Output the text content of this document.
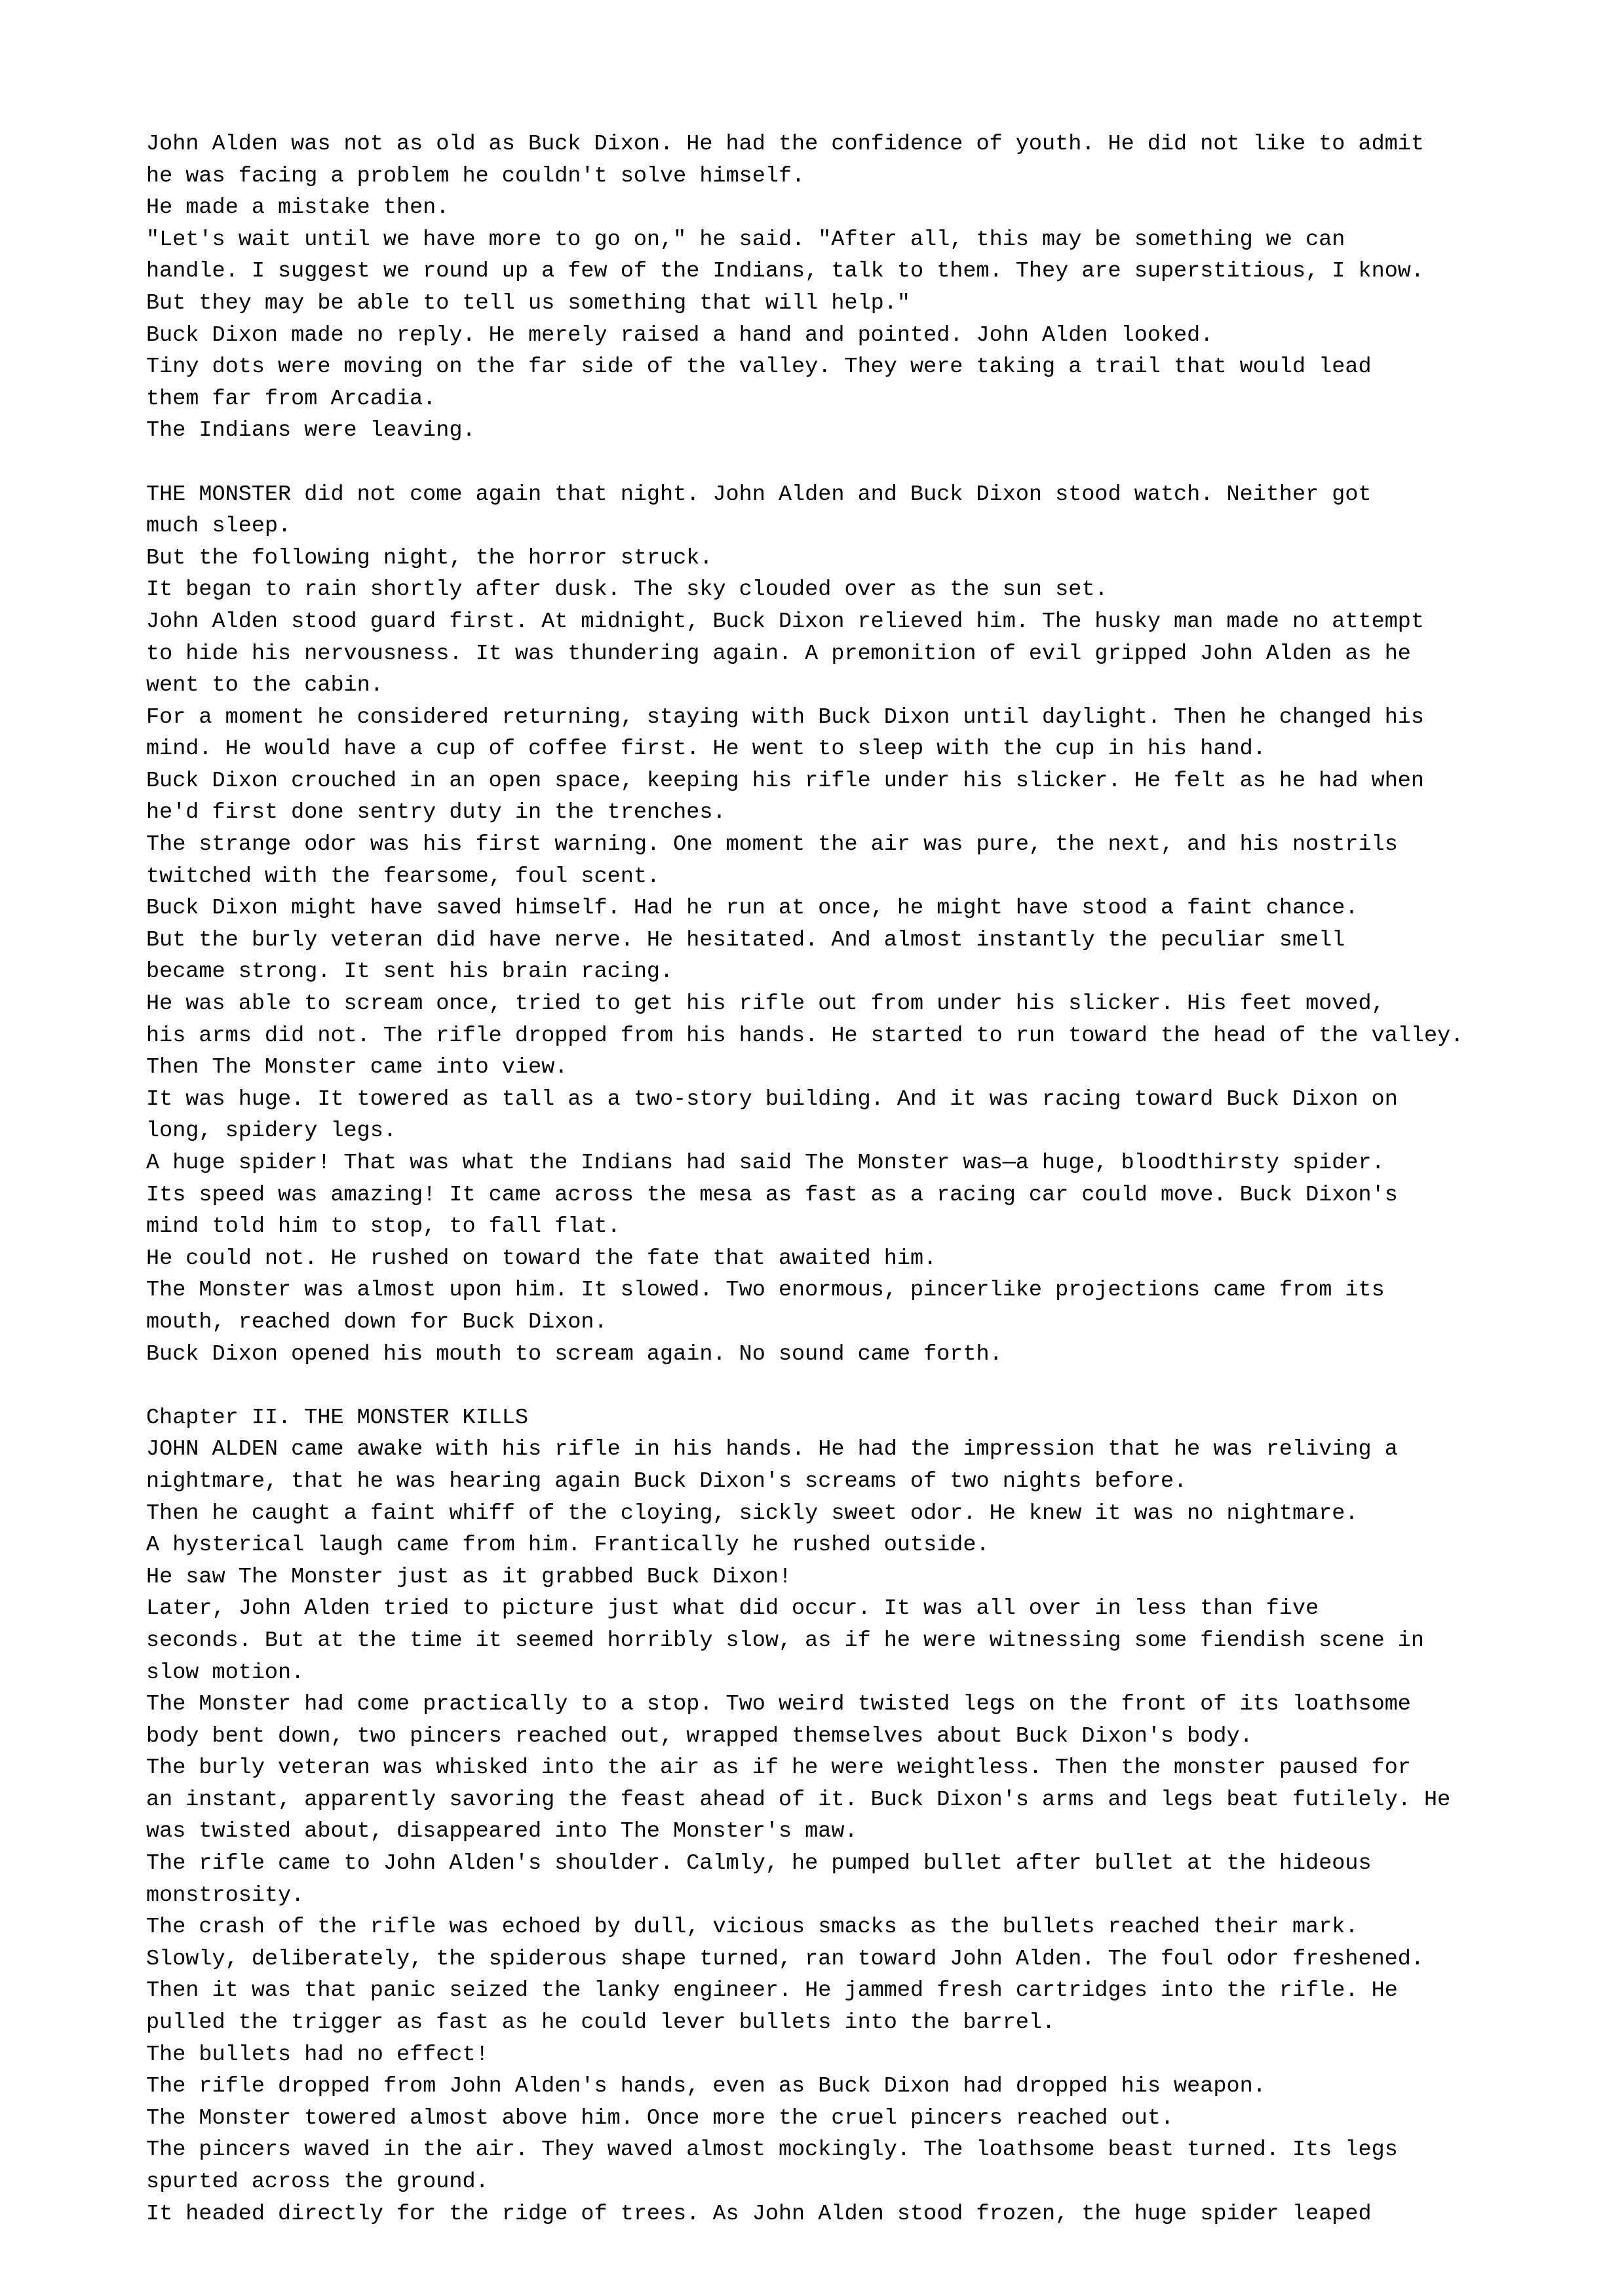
John Alden was not as old as Buck Dixon. He had the confidence of youth. He did not like to admit
he was facing a problem he couldn't solve himself.
He made a mistake then.
"Let's wait until we have more to go on," he said. "After all, this may be something we can
handle. I suggest we round up a few of the Indians, talk to them. They are superstitious, I know.
But they may be able to tell us something that will help."
Buck Dixon made no reply. He merely raised a hand and pointed. John Alden looked.
Tiny dots were moving on the far side of the valley. They were taking a trail that would lead
them far from Arcadia.
The Indians were leaving.

THE MONSTER did not come again that night. John Alden and Buck Dixon stood watch. Neither got
much sleep.
But the following night, the horror struck.
It began to rain shortly after dusk. The sky clouded over as the sun set.
John Alden stood guard first. At midnight, Buck Dixon relieved him. The husky man made no attempt
to hide his nervousness. It was thundering again. A premonition of evil gripped John Alden as he
went to the cabin.
For a moment he considered returning, staying with Buck Dixon until daylight. Then he changed his
mind. He would have a cup of coffee first. He went to sleep with the cup in his hand.
Buck Dixon crouched in an open space, keeping his rifle under his slicker. He felt as he had when
he'd first done sentry duty in the trenches.
The strange odor was his first warning. One moment the air was pure, the next, and his nostrils
twitched with the fearsome, foul scent.
Buck Dixon might have saved himself. Had he run at once, he might have stood a faint chance.
But the burly veteran did have nerve. He hesitated. And almost instantly the peculiar smell
became strong. It sent his brain racing.
He was able to scream once, tried to get his rifle out from under his slicker. His feet moved,
his arms did not. The rifle dropped from his hands. He started to run toward the head of the valley.
Then The Monster came into view.
It was huge. It towered as tall as a two-story building. And it was racing toward Buck Dixon on
long, spidery legs.
A huge spider! That was what the Indians had said The Monster was—a huge, bloodthirsty spider.
Its speed was amazing! It came across the mesa as fast as a racing car could move. Buck Dixon's
mind told him to stop, to fall flat.
He could not. He rushed on toward the fate that awaited him.
The Monster was almost upon him. It slowed. Two enormous, pincerlike projections came from its
mouth, reached down for Buck Dixon.
Buck Dixon opened his mouth to scream again. No sound came forth.

Chapter II. THE MONSTER KILLS
JOHN ALDEN came awake with his rifle in his hands. He had the impression that he was reliving a
nightmare, that he was hearing again Buck Dixon's screams of two nights before.
Then he caught a faint whiff of the cloying, sickly sweet odor. He knew it was no nightmare.
A hysterical laugh came from him. Frantically he rushed outside.
He saw The Monster just as it grabbed Buck Dixon!
Later, John Alden tried to picture just what did occur. It was all over in less than five
seconds. But at the time it seemed horribly slow, as if he were witnessing some fiendish scene in
slow motion.
The Monster had come practically to a stop. Two weird twisted legs on the front of its loathsome
body bent down, two pincers reached out, wrapped themselves about Buck Dixon's body.
The burly veteran was whisked into the air as if he were weightless. Then the monster paused for
an instant, apparently savoring the feast ahead of it. Buck Dixon's arms and legs beat futilely. He
was twisted about, disappeared into The Monster's maw.
The rifle came to John Alden's shoulder. Calmly, he pumped bullet after bullet at the hideous
monstrosity.
The crash of the rifle was echoed by dull, vicious smacks as the bullets reached their mark.
Slowly, deliberately, the spiderous shape turned, ran toward John Alden. The foul odor freshened.
Then it was that panic seized the lanky engineer. He jammed fresh cartridges into the rifle. He
pulled the trigger as fast as he could lever bullets into the barrel.
The bullets had no effect!
The rifle dropped from John Alden's hands, even as Buck Dixon had dropped his weapon.
The Monster towered almost above him. Once more the cruel pincers reached out.
The pincers waved in the air. They waved almost mockingly. The loathsome beast turned. Its legs
spurted across the ground.
It headed directly for the ridge of trees. As John Alden stood frozen, the huge spider leaped
